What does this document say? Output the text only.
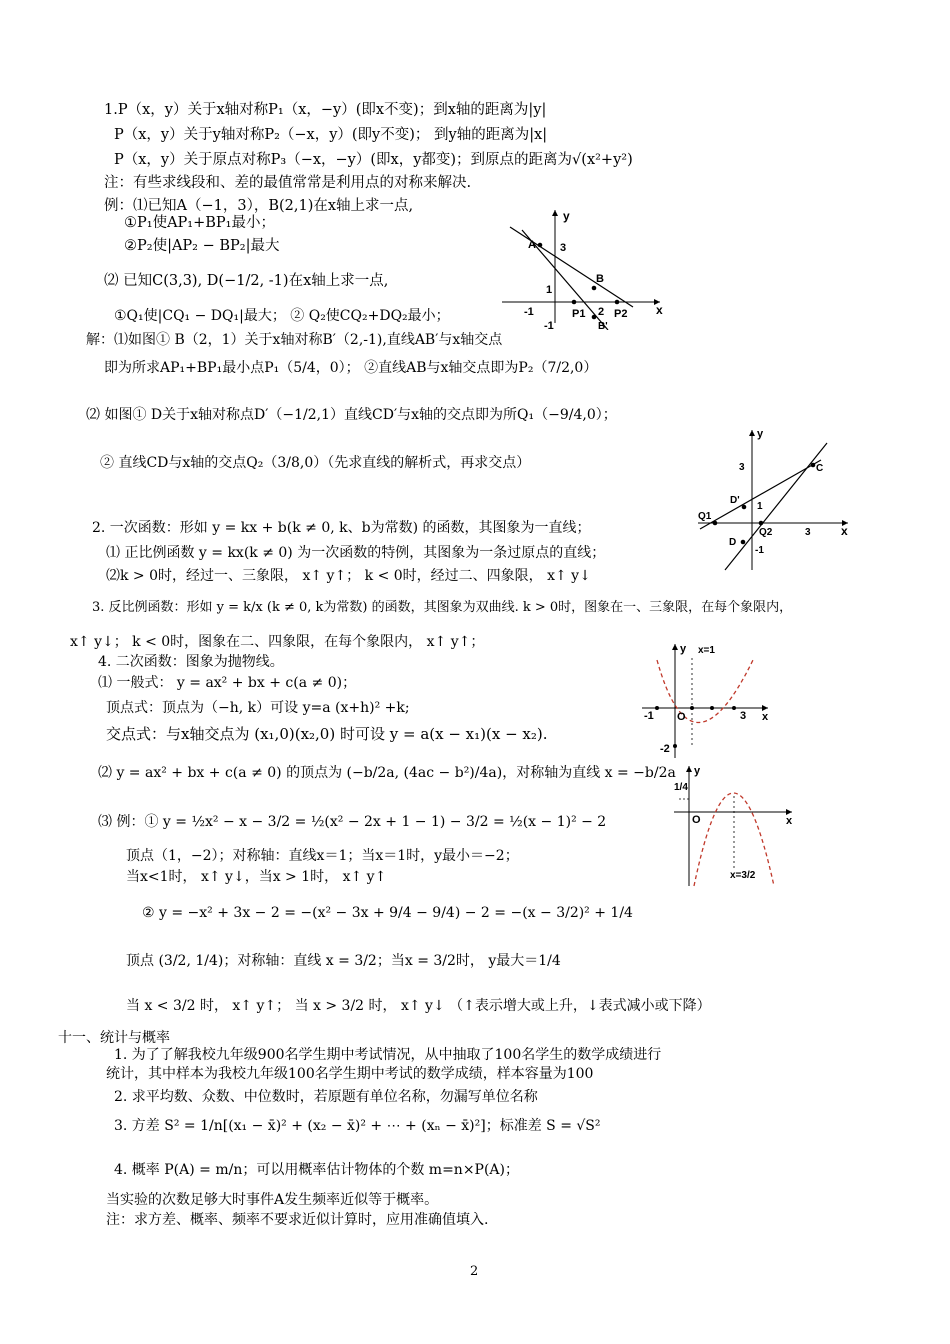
1.P（x，y）关于x轴对称P₁（x，−y）(即x不变)；到x轴的距离为|y|
P（x，y）关于y轴对称P₂（−x，y）(即y不变)； 到y轴的距离为|x|
P（x，y）关于原点对称P₃（−x，−y）(即x，y都变)；到原点的距离为√(x²+y²)
注：有些求线段和、差的最值常常是利用点的对称来解决.
例：⑴已知A（−1，3），B(2,1)在x轴上求一点,
①P₁使AP₁+BP₁最小；
②P₂使|AP₂ − BP₂|最大
⑵ 已知C(3,3), D(−1/2, -1)在x轴上求一点,
①Q₁使|CQ₁ − DQ₁|最大； ② Q₂使CQ₂+DQ₂最小；
解：⑴如图① B（2，1）关于x轴对称B′（2,-1),直线AB′与x轴交点
即为所求AP₁+BP₁最小点P₁（5/4，0）； ②直线AB与x轴交点即为P₂（7/2,0）
⑵ 如图① D关于x轴对称点D′（−1/2,1）直线CD′与x轴的交点即为所Q₁（−9/4,0）；
② 直线CD与x轴的交点Q₂（3/8,0）（先求直线的解析式，再求交点）
2. 一次函数：形如 y = kx + b(k ≠ 0, k、b为常数) 的函数，其图象为一直线；
⑴ 正比例函数 y = kx(k ≠ 0) 为一次函数的特例，其图象为一条过原点的直线；
⑵k > 0时，经过一、三象限， x↑ y↑； k < 0时，经过二、四象限， x↑ y↓
3. 反比例函数：形如 y = k/x (k ≠ 0, k为常数) 的函数，其图象为双曲线. k > 0时，图象在一、三象限，在每个象限内，
x↑ y↓； k < 0时，图象在二、四象限，在每个象限内， x↑ y↑；
4. 二次函数：图象为抛物线。
⑴ 一般式： y = ax² + bx + c(a ≠ 0)；
顶点式：顶点为（−h, k）可设 y=a (x+h)² +k;
交点式：与x轴交点为 (x₁,0)(x₂,0) 时可设 y = a(x − x₁)(x − x₂).
⑵ y = ax² + bx + c(a ≠ 0) 的顶点为 (−b/2a, (4ac − b²)/4a)，对称轴为直线 x = −b/2a
⑶ 例：① y = ½x² − x − 3/2 = ½(x² − 2x + 1 − 1) − 3/2 = ½(x − 1)² − 2
顶点（1，−2）；对称轴：直线x＝1；当x＝1时，y最小＝−2；
当x<1时， x↑ y↓，当x > 1时， x↑ y↑
② y = −x² + 3x − 2 = −(x² − 3x + 9/4 − 9/4) − 2 = −(x − 3/2)² + 1/4
顶点 (3/2, 1/4)；对称轴：直线 x = 3/2；当x = 3/2时， y最大＝1/4
当 x < 3/2 时， x↑ y↑； 当 x > 3/2 时， x↑ y↓ （↑表示增大或上升，↓表式减小或下降）
十一、统计与概率
1. 为了了解我校九年级900名学生期中考试情况，从中抽取了100名学生的数学成绩进行
统计，其中样本为我校九年级100名学生期中考试的数学成绩，样本容量为100
2. 求平均数、众数、中位数时，若原题有单位名称，勿漏写单位名称
3. 方差 S² = 1/n[(x₁ − x̄)² + (x₂ − x̄)² + ⋯ + (xₙ − x̄)²]；标准差 S = √S²
4. 概率 P(A) = m/n；可以用概率估计物体的个数 m=n×P(A)；
当实验的次数足够大时事件A发生频率近似等于概率。
注：求方差、概率、频率不要求近似计算时，应用准确值填入.
2
y
x
A
B
P1	P2
B'
3
1
-1
-1
2
y
x
C
D'
D
Q1
Q2
3
1
3
-1
y x=1
x
O
-1	3
-2
y
x
O
1/4
x=3/2
